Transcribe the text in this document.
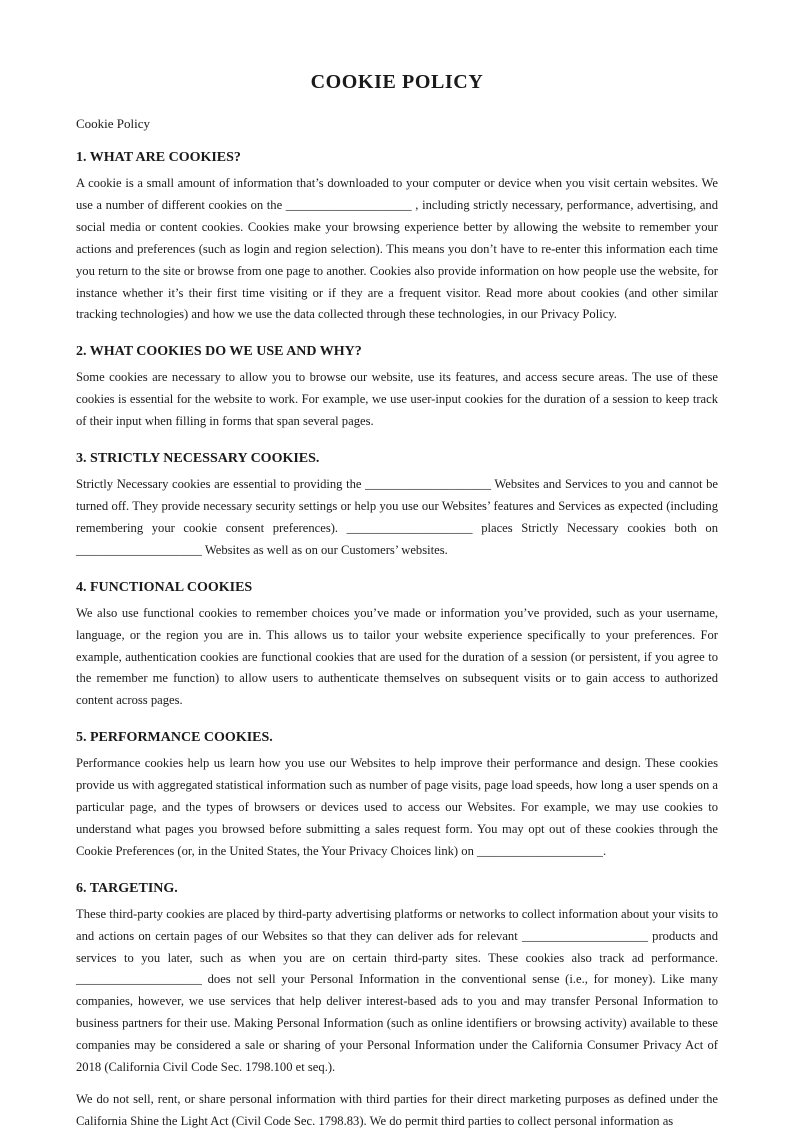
COOKIE POLICY
Cookie Policy
1. WHAT ARE COOKIES?

A cookie is a small amount of information that’s downloaded to your computer or device when you visit certain websites. We use a number of different cookies on the ____________________ , including strictly necessary, performance, advertising, and social media or content cookies. Cookies make your browsing experience better by allowing the website to remember your actions and preferences (such as login and region selection). This means you don’t have to re-enter this information each time you return to the site or browse from one page to another. Cookies also provide information on how people use the website, for instance whether it’s their first time visiting or if they are a frequent visitor. Read more about cookies (and other similar tracking technologies) and how we use the data collected through these technologies, in our Privacy Policy.

2. WHAT COOKIES DO WE USE AND WHY?

Some cookies are necessary to allow you to browse our website, use its features, and access secure areas. The use of these cookies is essential for the website to work. For example, we use user-input cookies for the duration of a session to keep track of their input when filling in forms that span several pages.

3. STRICTLY NECESSARY COOKIES.

Strictly Necessary cookies are essential to providing the ____________________ Websites and Services to you and cannot be turned off. They provide necessary security settings or help you use our Websites’ features and Services as expected (including remembering your cookie consent preferences). ____________________ places Strictly Necessary cookies both on ____________________ Websites as well as on our Customers’ websites.

4. FUNCTIONAL COOKIES

We also use functional cookies to remember choices you’ve made or information you’ve provided, such as your username, language, or the region you are in. This allows us to tailor your website experience specifically to your preferences. For example, authentication cookies are functional cookies that are used for the duration of a session (or persistent, if you agree to the remember me function) to allow users to authenticate themselves on subsequent visits or to gain access to authorized content across pages.

5. PERFORMANCE COOKIES.

Performance cookies help us learn how you use our Websites to help improve their performance and design. These cookies provide us with aggregated statistical information such as number of page visits, page load speeds, how long a user spends on a particular page, and the types of browsers or devices used to access our Websites. For example, we may use cookies to understand what pages you browsed before submitting a sales request form. You may opt out of these cookies through the Cookie Preferences (or, in the United States, the Your Privacy Choices link) on ____________________.

6. TARGETING.

These third-party cookies are placed by third-party advertising platforms or networks to collect information about your visits to and actions on certain pages of our Websites so that they can deliver ads for relevant ____________________ products and services to you later, such as when you are on certain third-party sites. These cookies also track ad performance. ____________________ does not sell your Personal Information in the conventional sense (i.e., for money). Like many companies, however, we use services that help deliver interest-based ads to you and may transfer Personal Information to business partners for their use. Making Personal Information (such as online identifiers or browsing activity) available to these companies may be considered a sale or sharing of your Personal Information under the California Consumer Privacy Act of 2018 (California Civil Code Sec. 1798.100 et seq.).

We do not sell, rent, or share personal information with third parties for their direct marketing purposes as defined under the California Shine the Light Act (Civil Code Sec. 1798.83). We do permit third parties to collect personal information as
